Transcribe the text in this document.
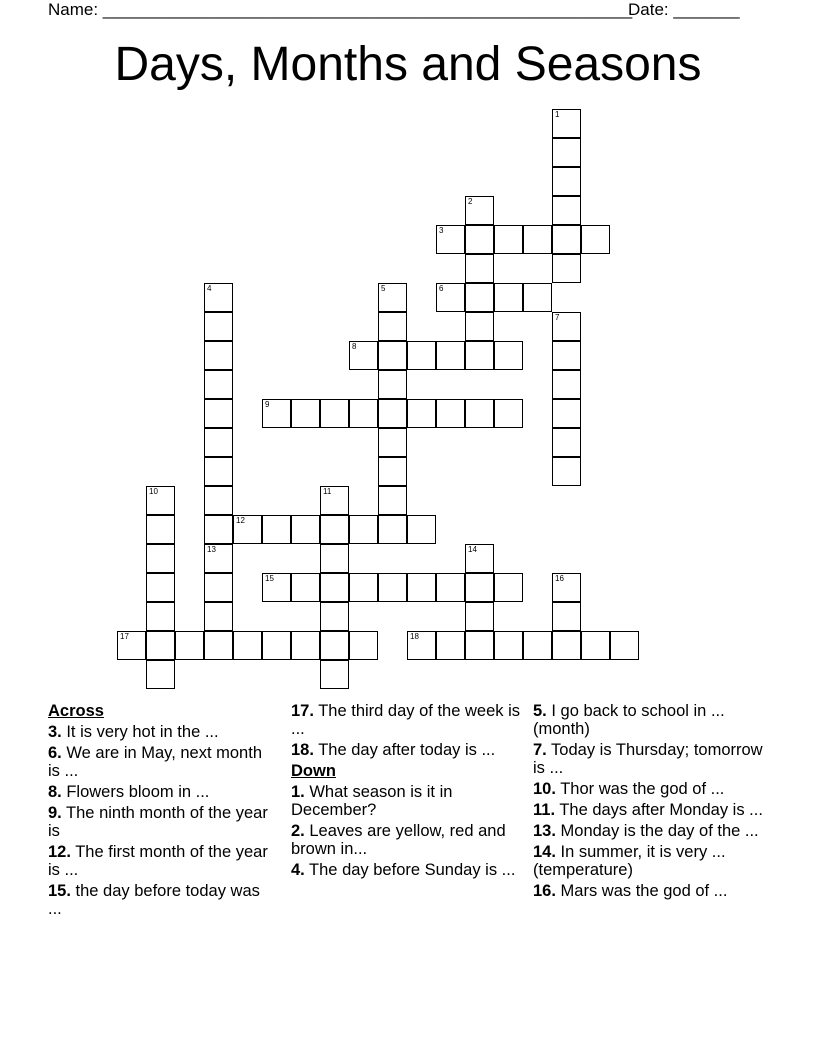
Name: ________________________________________________________
Date: _______
Days, Months and Seasons
1
2
3
4
13
5	6
7
8
9
10	11
12
14
15	16
17	18
Across
3. It is very hot in the ...
6. We are in May, next month is ...
8. Flowers bloom in ...
9. The ninth month of the year is
12. The first month of the year is ...
15. the day before today was ...
17. The third day of the week is ...
18. The day after today is ...
Down
1. What season is it in December?
2. Leaves are yellow, red and brown in...
4. The day before Sunday is ...
5. I go back to school in ... (month)
7. Today is Thursday; tomorrow is ...
10. Thor was the god of ...
11. The days after Monday is ...
13. Monday is the day of the ...
14. In summer, it is very ... (temperature)
16. Mars was the god of ...
